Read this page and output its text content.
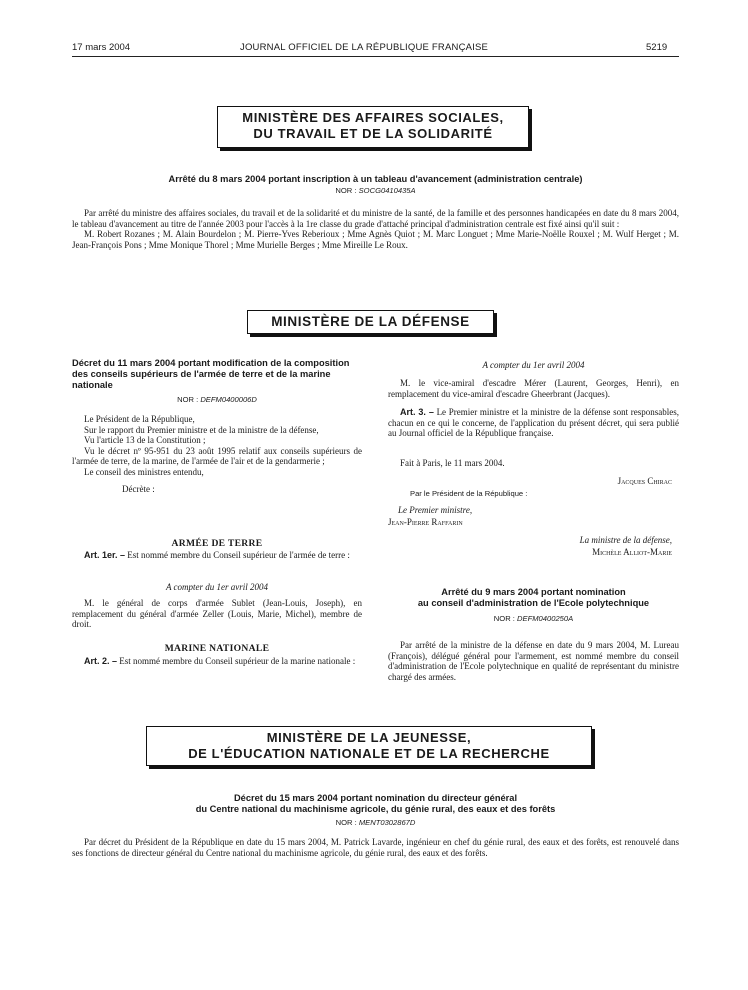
17 mars 2004	JOURNAL OFFICIEL DE LA RÉPUBLIQUE FRANÇAISE	5219
MINISTÈRE DES AFFAIRES SOCIALES,
DU TRAVAIL ET DE LA SOLIDARITÉ
Arrêté du 8 mars 2004 portant inscription à un tableau d'avancement (administration centrale)
NOR : SOCG0410435A

Par arrêté du ministre des affaires sociales, du travail et de la solidarité et du ministre de la santé, de la famille et des personnes handicapées en date du 8 mars 2004, le tableau d'avancement au titre de l'année 2003 pour l'accès à la 1re classe du grade d'attaché principal d'administration centrale est fixé ainsi qu'il suit :

M. Robert Rozanes ; M. Alain Bourdelon ; M. Pierre-Yves Reberioux ; Mme Agnès Quiot ; M. Marc Longuet ; Mme Marie-Noëlle Rouxel ; M. Wulf Herget ; M. Jean-François Pons ; Mme Monique Thorel ; Mme Murielle Berges ; Mme Mireille Le Roux.

MINISTÈRE DE LA DÉFENSE
Décret du 11 mars 2004 portant modification de la composition des conseils supérieurs de l'armée de terre et de la marine nationale
NOR : DEFM0400006D

Le Président de la République,

Sur le rapport du Premier ministre et de la ministre de la défense,

Vu l'article 13 de la Constitution ;

Vu le décret nº 95-951 du 23 août 1995 relatif aux conseils supérieurs de l'armée de terre, de la marine, de l'armée de l'air et de la gendarmerie ;

Le conseil des ministres entendu,

Décrète :

ARMÉE DE TERRE

Art. 1er. – Est nommé membre du Conseil supérieur de l'armée de terre :

A compter du 1er avril 2004

M. le général de corps d'armée Sublet (Jean-Louis, Joseph), en remplacement du général d'armée Zeller (Louis, Marie, Michel), membre de droit.

MARINE NATIONALE

Art. 2. – Est nommé membre du Conseil supérieur de la marine nationale :

A compter du 1er avril 2004

M. le vice-amiral d'escadre Mérer (Laurent, Georges, Henri), en remplacement du vice-amiral d'escadre Gheerbrant (Jacques).

Art. 3. – Le Premier ministre et la ministre de la défense sont responsables, chacun en ce qui le concerne, de l'application du présent décret, qui sera publié au Journal officiel de la République française.

Fait à Paris, le 11 mars 2004.

Jacques Chirac
Par le Président de la République :
Le Premier ministre,
Jean-Pierre Raffarin
La ministre de la défense,
Michèle Alliot-Marie
Arrêté du 9 mars 2004 portant nomination
au conseil d'administration de l'Ecole polytechnique
NOR : DEFM0400250A

Par arrêté de la ministre de la défense en date du 9 mars 2004, M. Lureau (François), délégué général pour l'armement, est nommé membre du conseil d'administration de l'Ecole polytechnique en qualité de représentant du ministre chargé des armées.

MINISTÈRE DE LA JEUNESSE,
DE L'ÉDUCATION NATIONALE ET DE LA RECHERCHE
Décret du 15 mars 2004 portant nomination du directeur général
du Centre national du machinisme agricole, du génie rural, des eaux et des forêts
NOR : MENT0302867D

Par décret du Président de la République en date du 15 mars 2004, M. Patrick Lavarde, ingénieur en chef du génie rural, des eaux et des forêts, est renouvelé dans ses fonctions de directeur général du Centre national du machinisme agricole, du génie rural, des eaux et des forêts.
